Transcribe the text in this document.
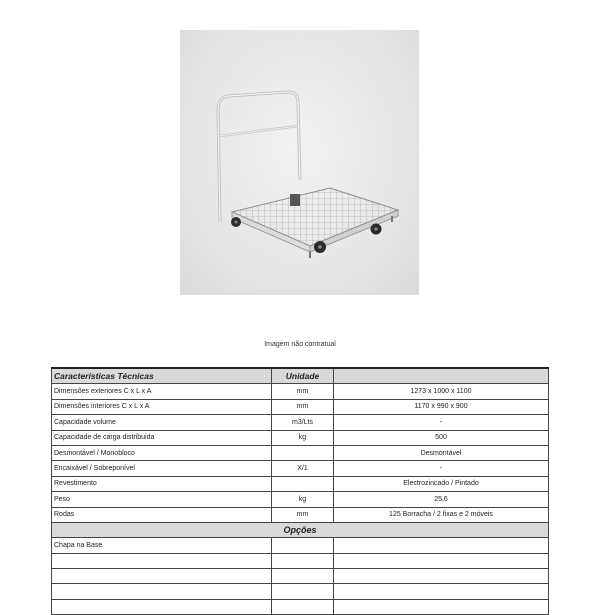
Imagem não contratual
Características Técnicas	Unidade	
Dimensões exteriores C x L x A	mm	1273 x 1000 x 1100
Dimensões interiores C x L x A	mm	1170 x 990 x 900
Capacidade volume	m3/Lts	-
Capacidade de carga distribuida	kg	500
Desmontável / Monobloco		Desmontável
Encaixável / Sobreponível	X/1	-
Revestimento		Electrozincado / Pintado
Peso	kg	25,6
Rodas	mm	125 Borracha / 2 fixas e 2 móveis
Opções		
Chapa na Base		
